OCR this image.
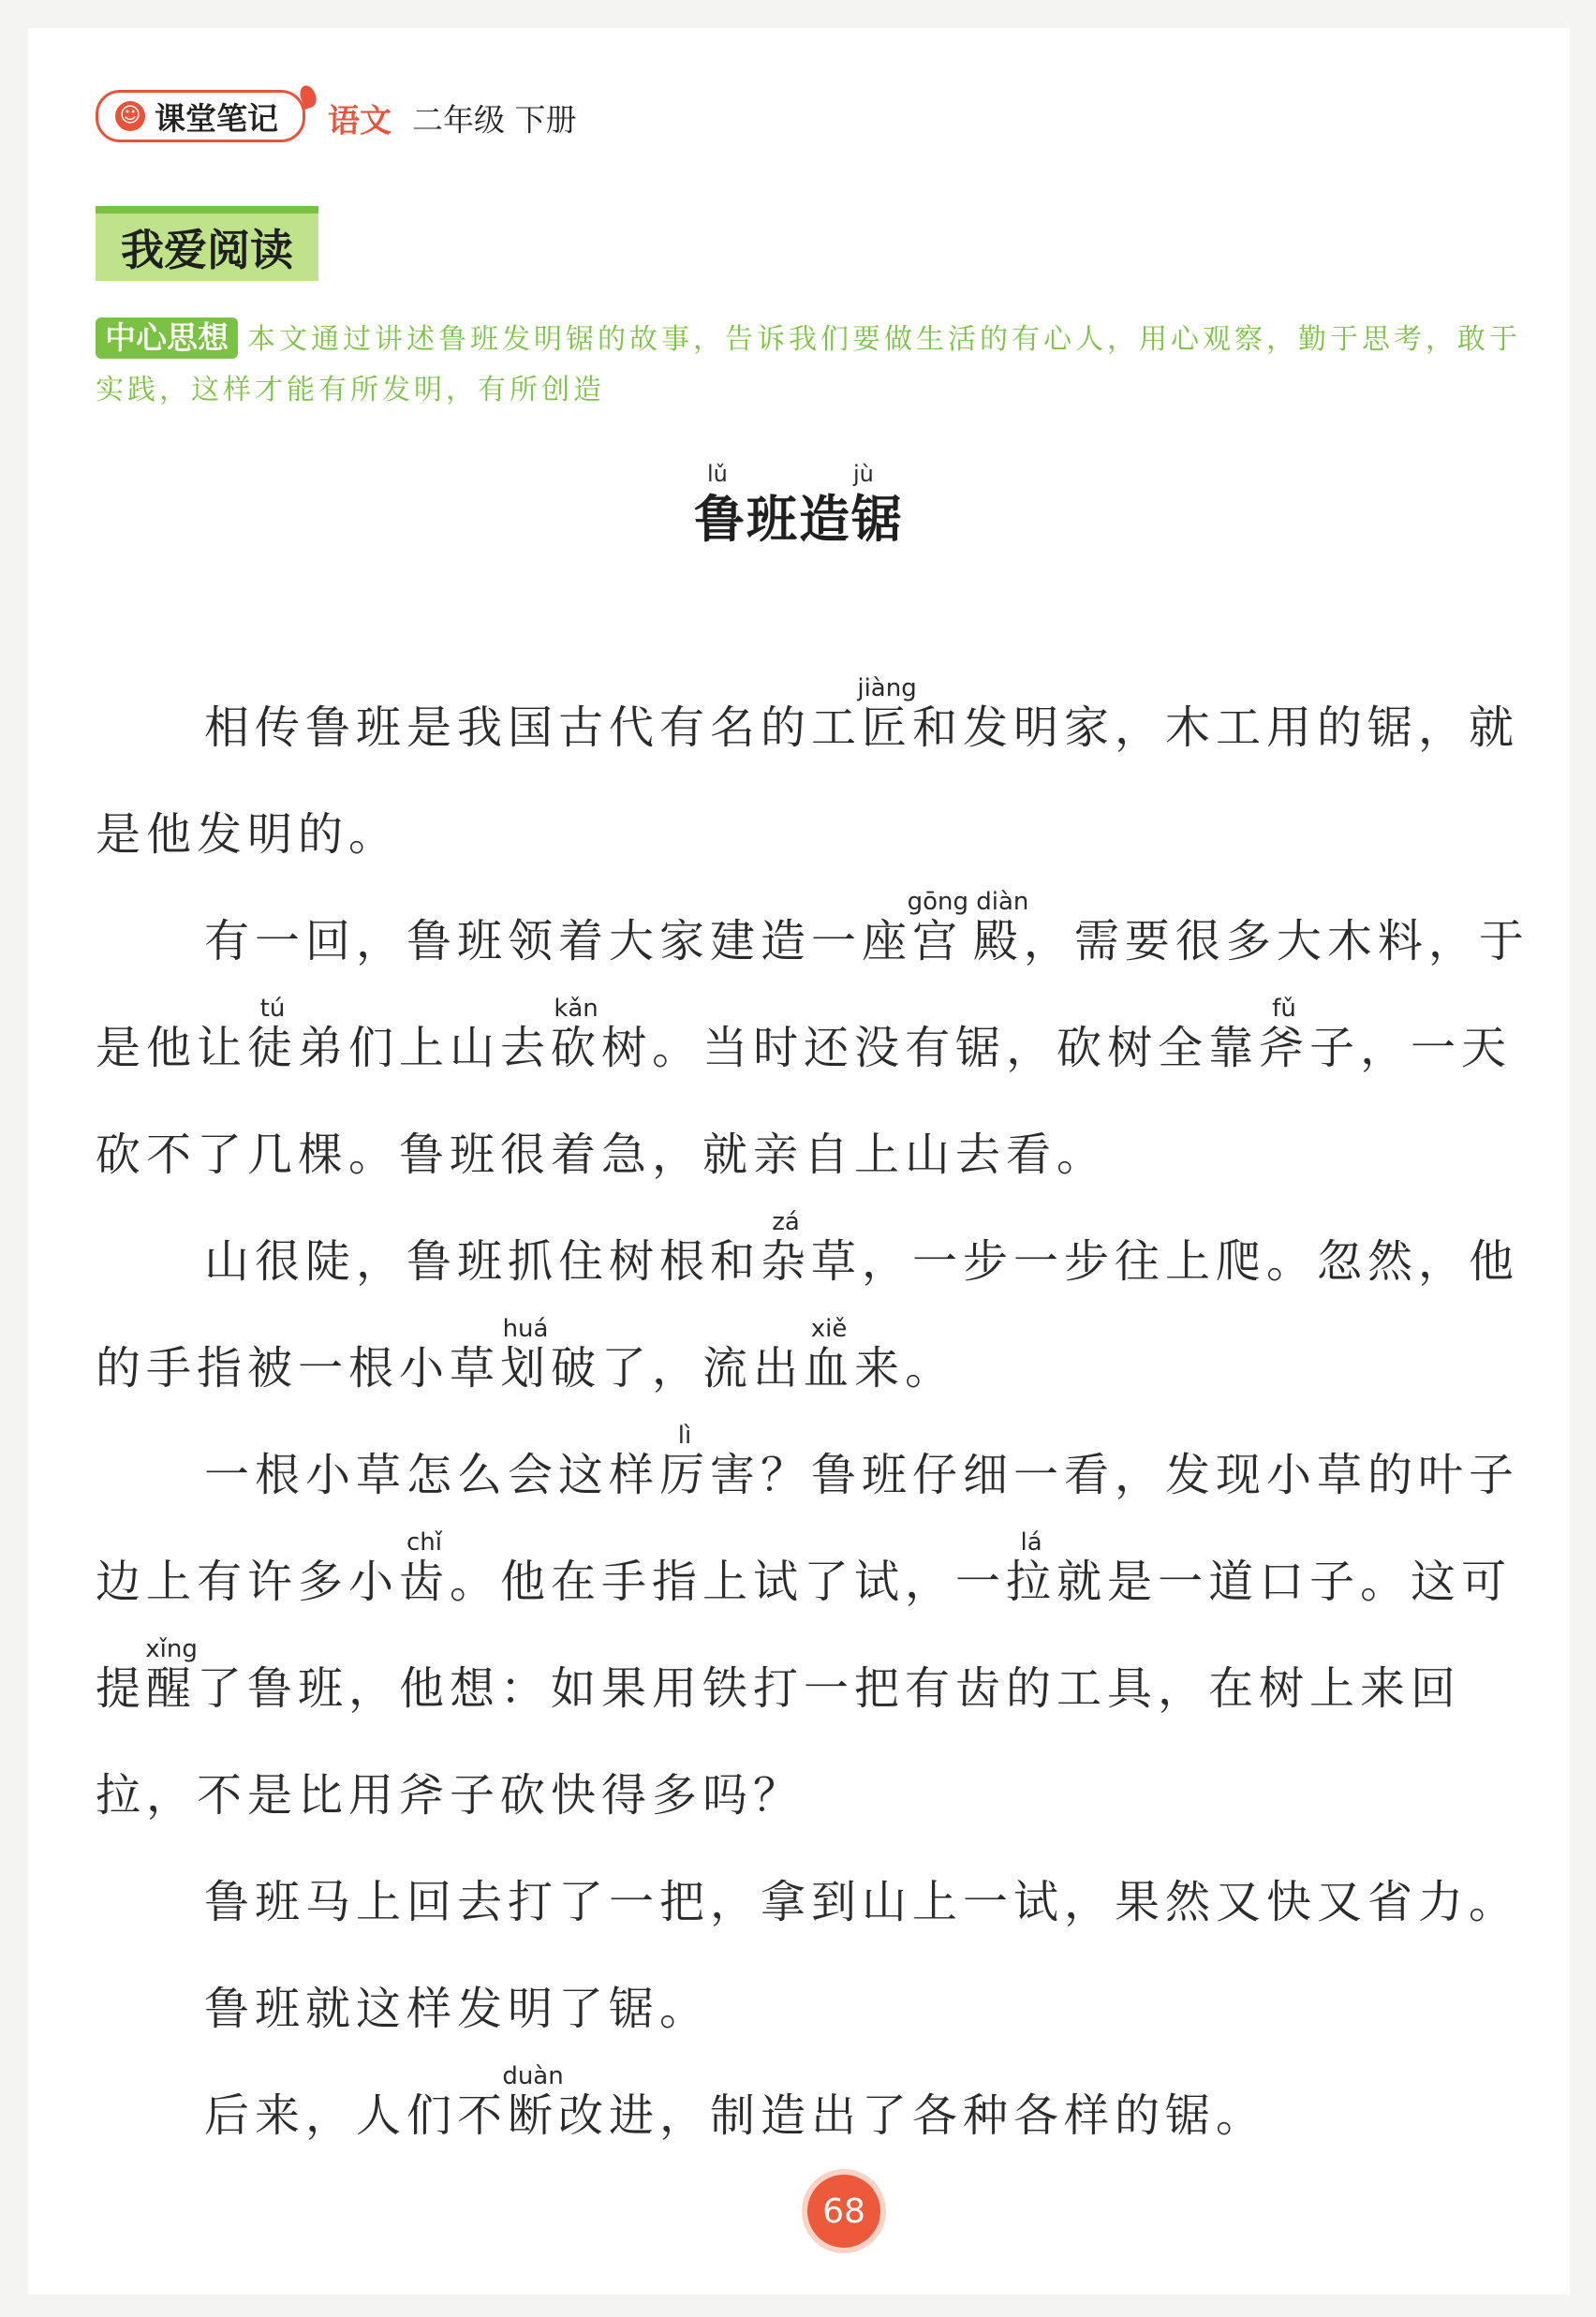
☺ 课堂笔记 语文 二年级 下册
我爱阅读
中心思想 本文通过讲述鲁班发明锯的故事，告诉我们要做生活的有心人，用心观察，勤于思考，敢于实践，这样才能有所发明，有所创造
lǔ	jù
鲁班造锯

相传鲁班是我国古代有名的工匠jiàng和发明家，木工用的锯，就是他发明的。

有一回，鲁班领着大家建造一座宫殿gōng diàn，需要很多大木料，于是他让徒tú弟们上山去砍kǎn树。当时还没有锯，砍树全靠斧fǔ子，一天砍不了几棵。鲁班很着急，就亲自上山去看。

山很陡，鲁班抓住树根和杂zá草，一步一步往上爬。忽然，他的手指被一根小草划huá破了，流出血xiě来。

一根小草怎么会这样厉lì害？鲁班仔细一看，发现小草的叶子边上有许多小齿chǐ。他在手指上试了试，一拉lá就是一道口子。这可提醒xǐng了鲁班，他想：如果用铁打一把有齿的工具，在树上来回拉，不是比用斧子砍快得多吗？

鲁班马上回去打了一把，拿到山上一试，果然又快又省力。

鲁班就这样发明了锯。

后来，人们不断duàn改进，制造出了各种各样的锯。

68
